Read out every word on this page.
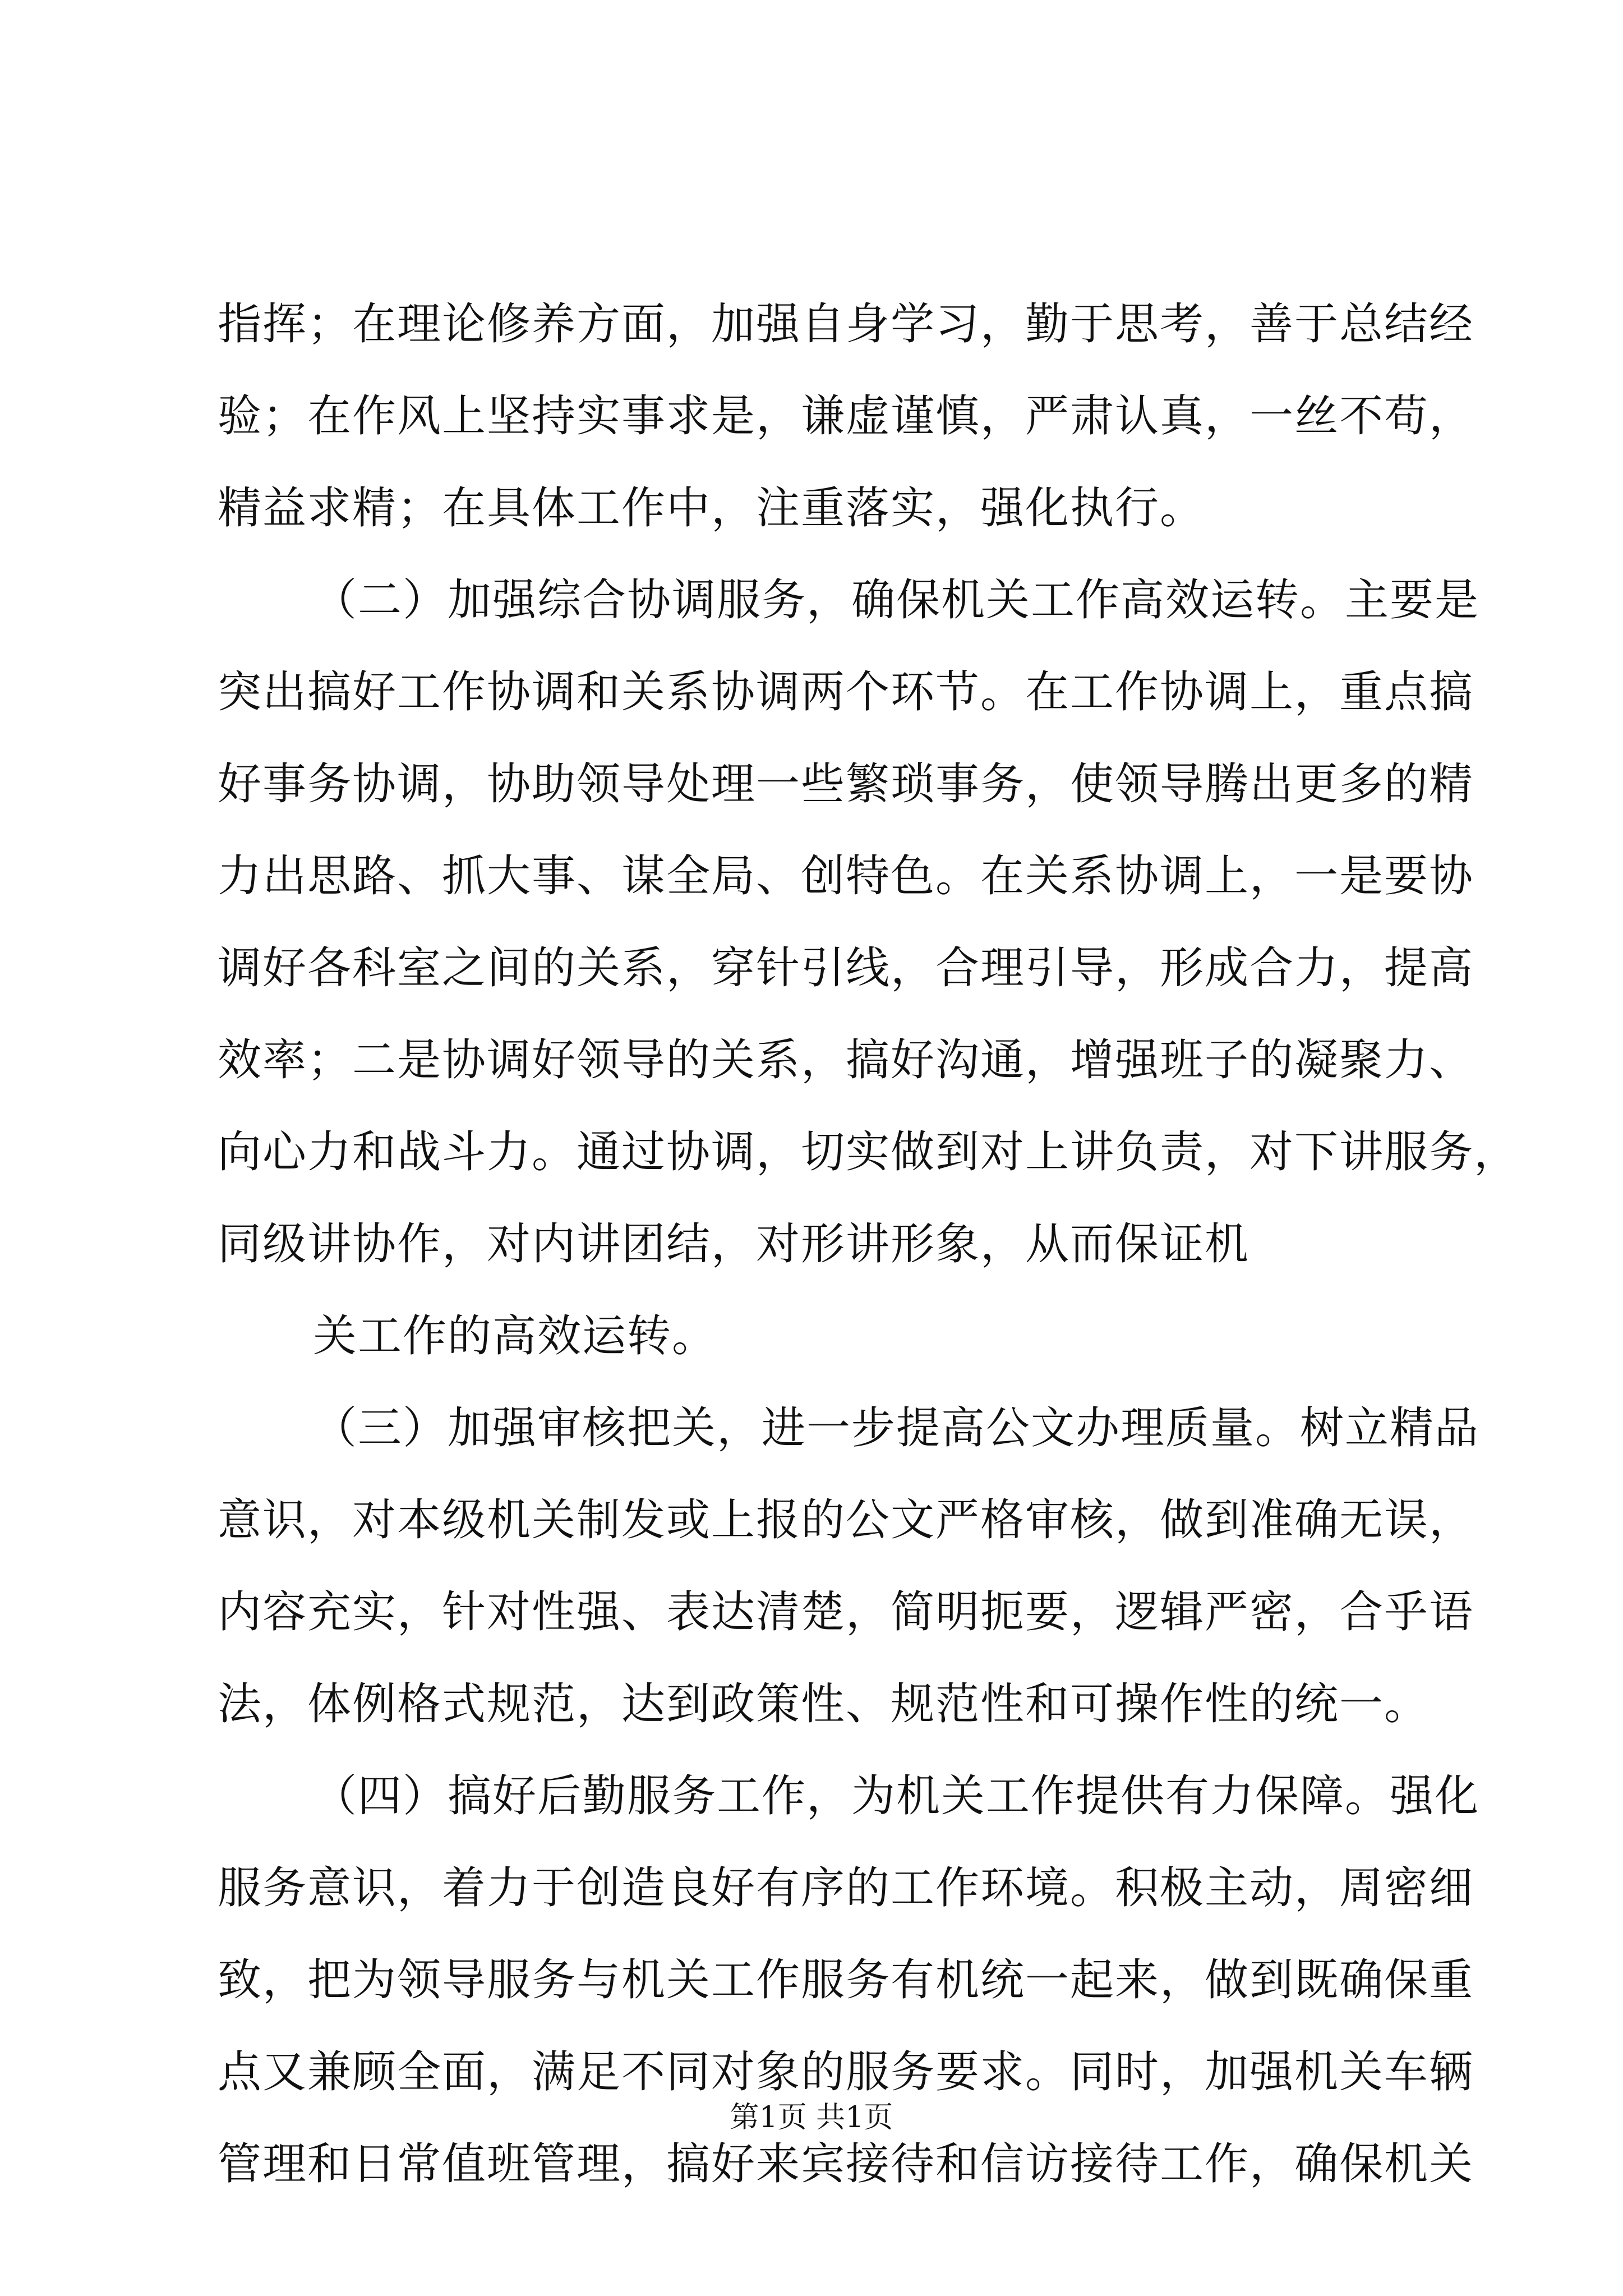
指挥；在理论修养方面，加强自身学习，勤于思考，善于总结经
验；在作风上坚持实事求是，谦虚谨慎，严肃认真，一丝不苟，
精益求精；在具体工作中，注重落实，强化执行。
（二）加强综合协调服务，确保机关工作高效运转。主要是
突出搞好工作协调和关系协调两个环节。在工作协调上，重点搞
好事务协调，协助领导处理一些繁琐事务，使领导腾出更多的精
力出思路、抓大事、谋全局、创特色。在关系协调上，一是要协
调好各科室之间的关系，穿针引线，合理引导，形成合力，提高
效率；二是协调好领导的关系，搞好沟通，增强班子的凝聚力、
向心力和战斗力。通过协调，切实做到对上讲负责，对下讲服务，
同级讲协作，对内讲团结，对形讲形象，从而保证机
关工作的高效运转。
（三）加强审核把关，进一步提高公文办理质量。树立精品
意识，对本级机关制发或上报的公文严格审核，做到准确无误，
内容充实，针对性强、表达清楚，简明扼要，逻辑严密，合乎语
法，体例格式规范，达到政策性、规范性和可操作性的统一。
（四）搞好后勤服务工作，为机关工作提供有力保障。强化
服务意识，着力于创造良好有序的工作环境。积极主动，周密细
致，把为领导服务与机关工作服务有机统一起来，做到既确保重
点又兼顾全面，满足不同对象的服务要求。同时，加强机关车辆
管理和日常值班管理，搞好来宾接待和信访接待工作，确保机关
第1页 共1页
